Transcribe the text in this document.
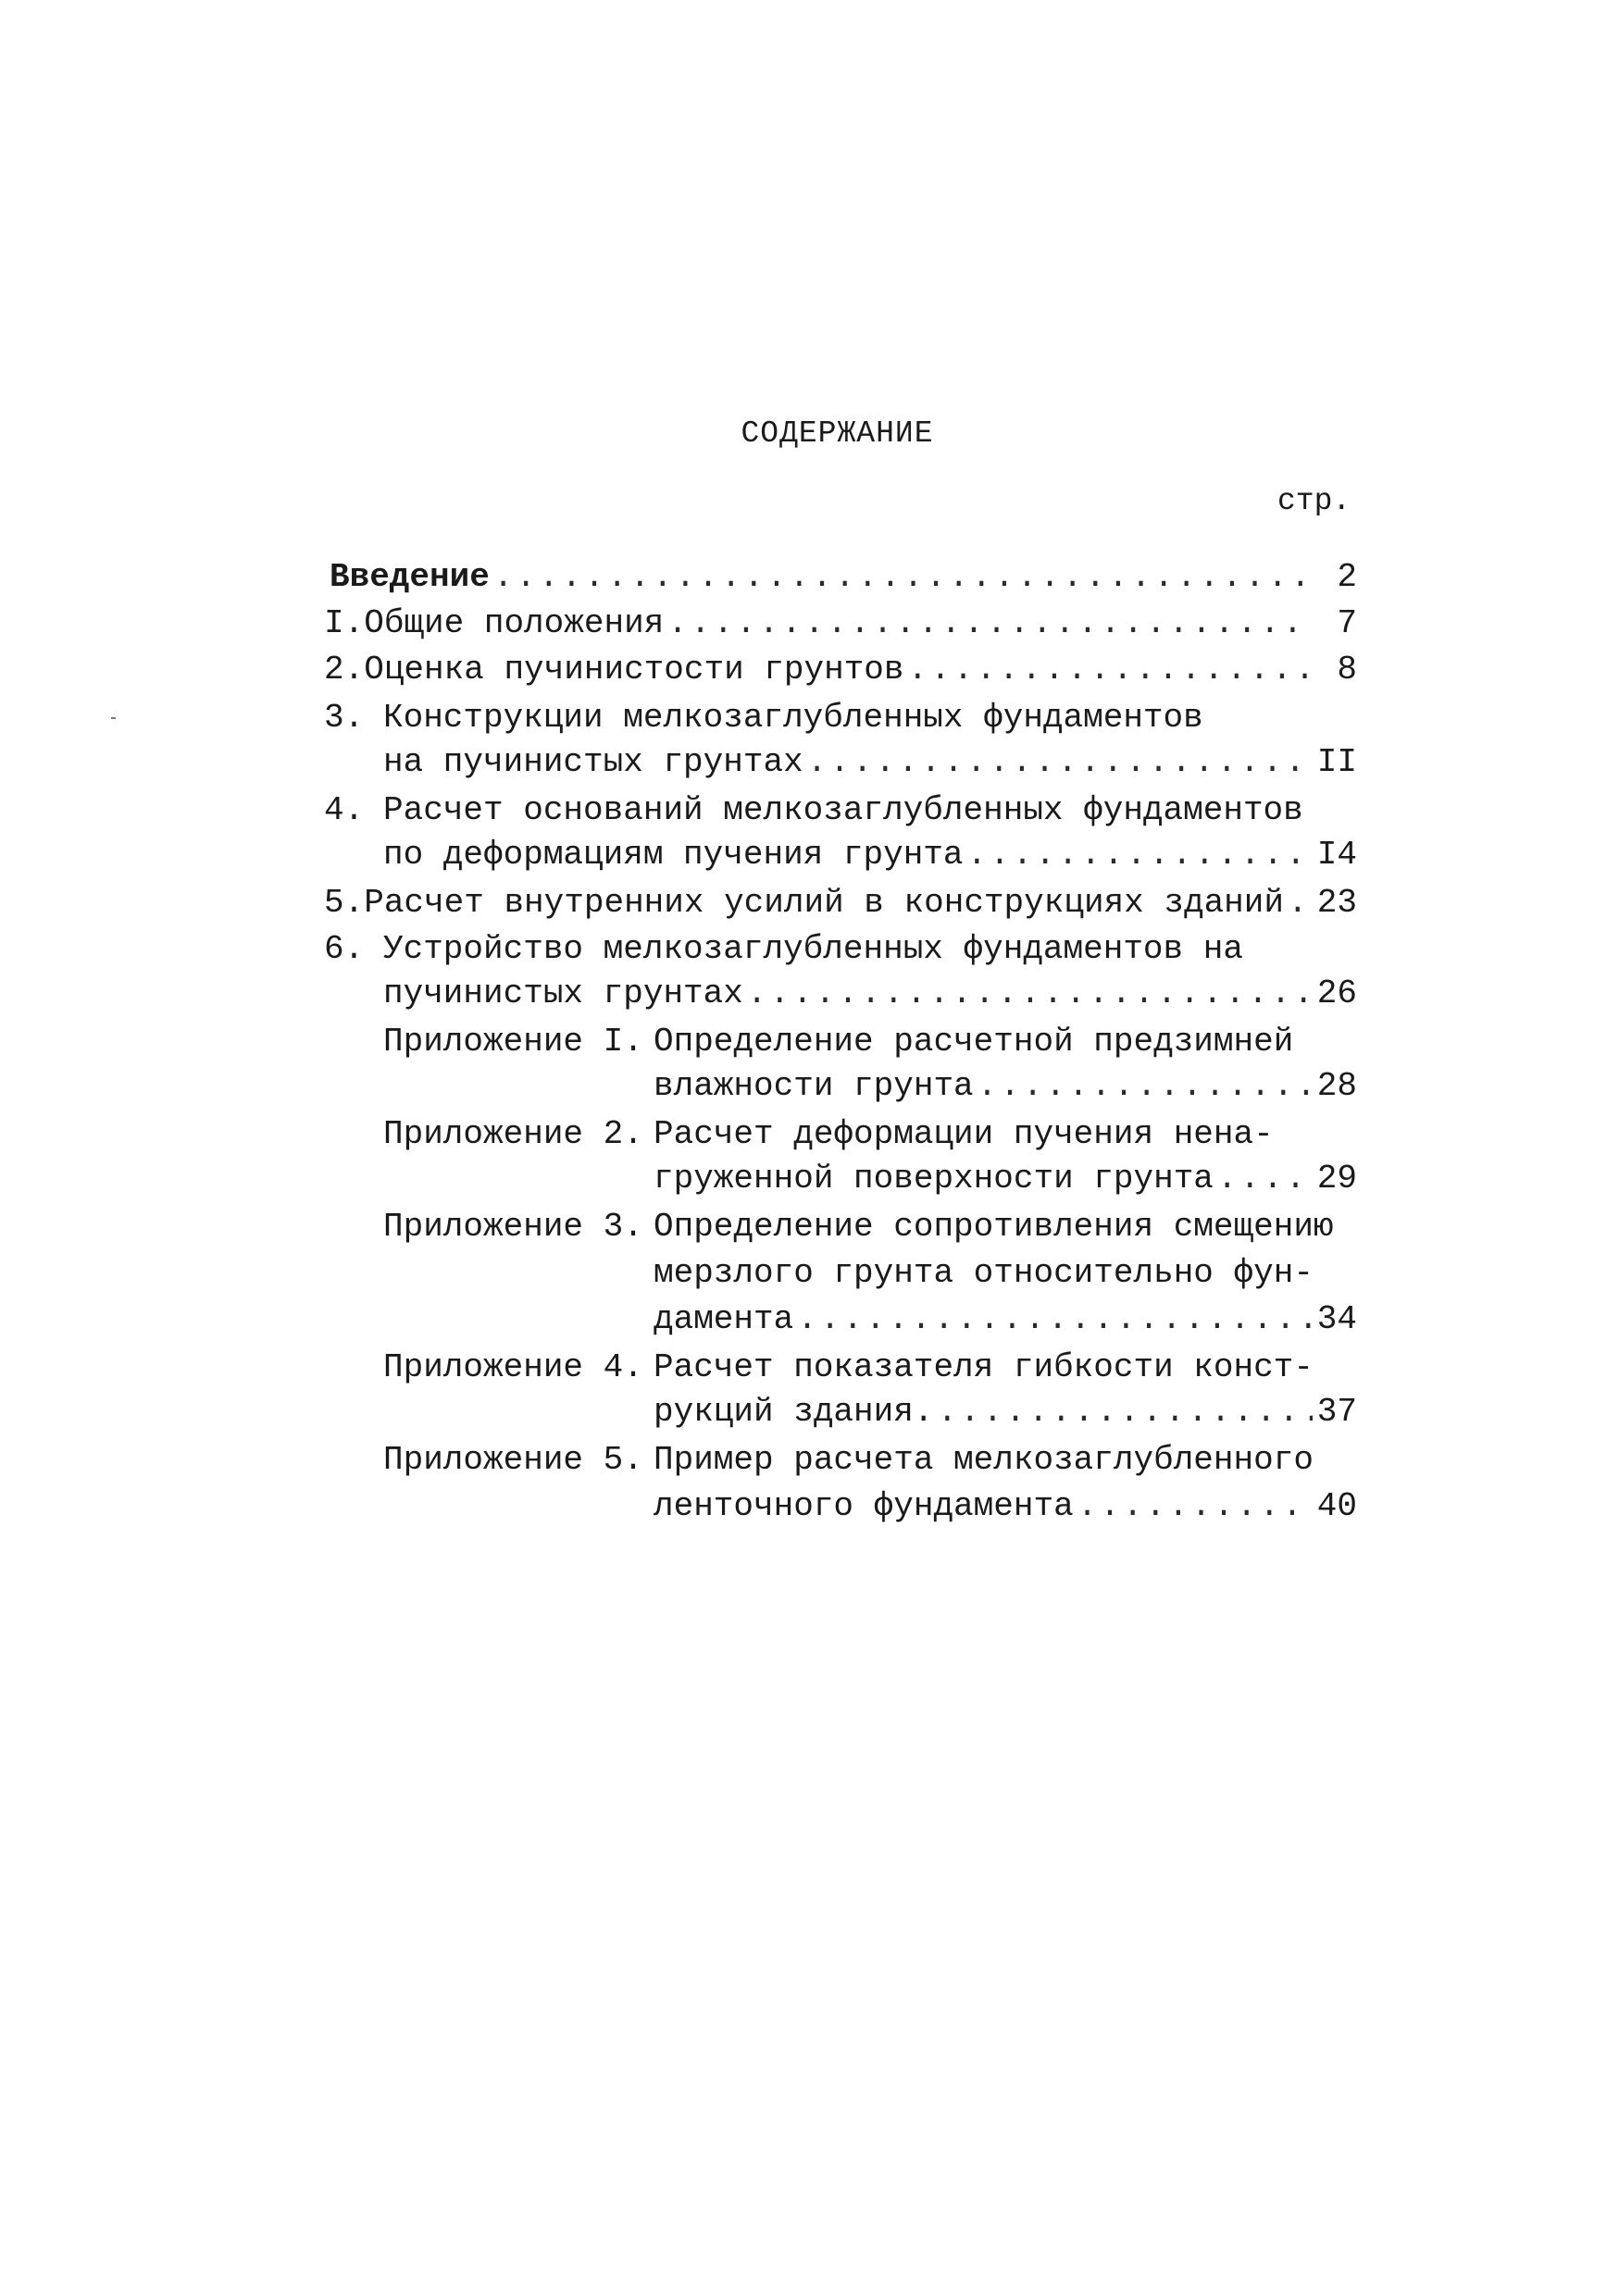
СОДЕРЖАНИЕ
стр.
Введение .....	2
I. Общие положения .....	7
2. Оценка пучинистости грунтов .....	8
3. Конструкции мелкозаглубленных фундаментов
на пучинистых грунтах .....	II
4. Расчет оснований мелкозаглубленных фундаментов
по деформациям пучения грунта .....	I4
5. Расчет внутренних усилий в конструкциях зданий ..... 23
6. Устройство мелкозаглубленных фундаментов на
пучинистых грунтах .....	26
Приложение I. Определение расчетной предзимней
влажности грунта .....	28
Приложение 2. Расчет деформации пучения нена-
груженной поверхности грунта .....	29
Приложение 3. Определение сопротивления смещению
мерзлого грунта относительно фун-
дамента .....	34
Приложение 4. Расчет показателя гибкости конст-
рукций здания. .....	37
Приложение 5. Пример расчета мелкозаглубленного
ленточного фундамента .....	40
